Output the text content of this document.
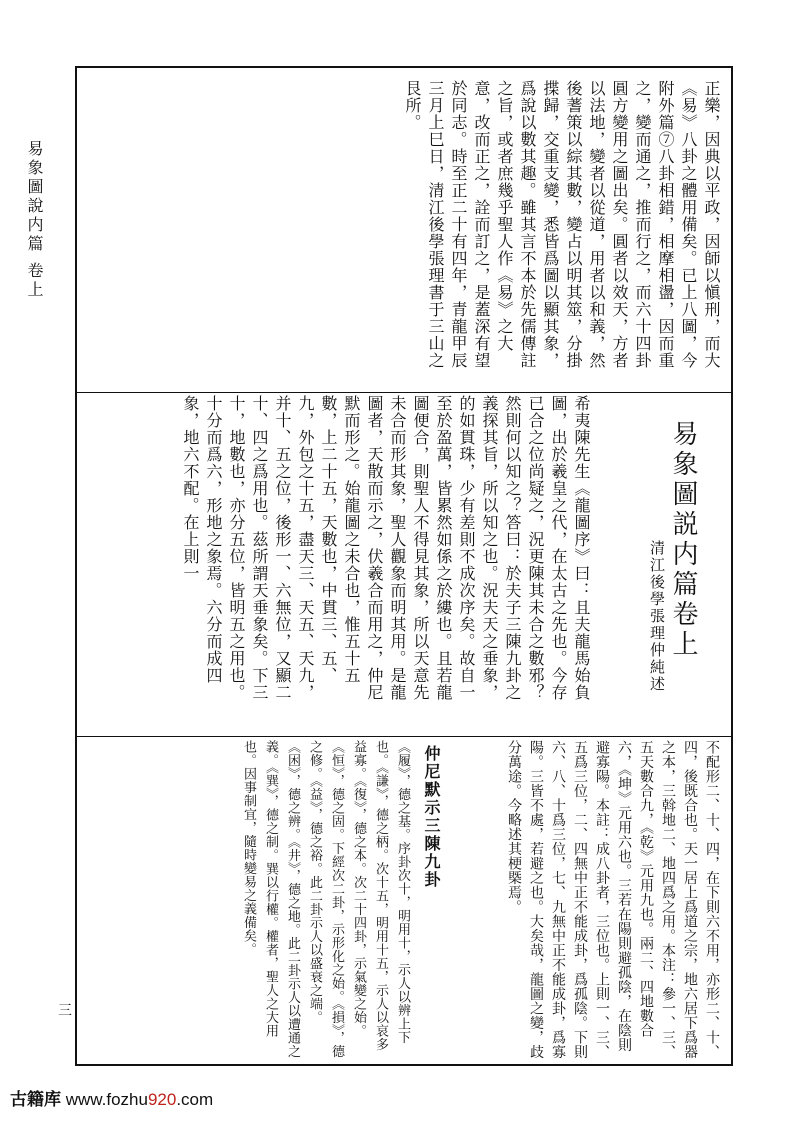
易象圖說内篇 卷上
三

正樂，因典以平政，因師以愼刑，而大《易》八卦之體用備矣。已上八圖，今附外篇⑦八卦相錯，相摩相盪，因而重之，變而通之，推而行之，而六十四卦圓方變用之圖出矣。圓者以效天，方者以法地，變者以從道，用者以和義，然後蓍策以綜其數，變占以明其筮，分掛揲歸，交重支變，悉皆爲圖以顯其象，爲說以數其趣。雖其言不本於先儒傳註之旨，或者庶幾乎聖人作《易》之大意，改而正之，詮而訂之，是蓋深有望於同志。時至正二十有四年，青龍甲辰三月上巳日，清江後學張理書于三山之艮所。

易象圖説内篇卷上
清江後學張理仲純述

希夷陳先生《龍圖序》曰：且夫龍馬始負圖，出於羲皇之代，在太古之先也。今存已合之位尚疑之，況更陳其未合之數邪？然則何以知之？答曰：於夫子三陳九卦之義探其旨，所以知之也。況夫天之垂象，的如貫珠，少有差則不成次序矣。故自一至於盈萬，皆累然如係之於縷也。且若龍圖便合，則聖人不得見其象，所以天意先未合而形其象，聖人觀象而明其用。是龍圖者，天散而示之，伏羲合而用之，仲尼默而形之。始龍圖之未合也，惟五十五數，上二十五，天數也，中貫三、五、九，外包之十五，盡天三、天五、天九，并十、五之位，後形一、六無位，又顯二十、四之爲用也。茲所謂天垂象矣。下三十，地數也，亦分五位，皆明五之用也。十分而爲六，形地之象焉。六分而成四象，地六不配。在上則一

不配形二、十、四，在下則六不用，亦形二、十、四，後既合也。天一居上爲道之宗，地六居下爲器之本，三斡地二、地四爲之用。本注：參一、三、五天數合九，《乾》元用九也。兩二、四地數合六，《坤》元用六也。三若在陽則避孤陰，在陰則避寡陽。本註：成八卦者，三位也。上則一、三、五爲三位，二、四無中正不能成卦，爲孤陰。下則六、八、十爲三位，七、九無中正不能成卦，爲寡陽。三皆不處，若避之也。大矣哉，龍圖之變，歧分萬途。今略述其梗槩焉。

仲尼默示三陳九卦

《履》，德之基。序卦次十，明用十，示人以辨上下也。《謙》，德之柄。次十五，明用十五，示人以哀多益寡。《復》，德之本。次二十四卦，示氣變之始。《恒》，德之固。下經次二卦，示形化之始。《損》，德之修。《益》，德之裕。此二卦示人以盛衰之端。《困》，德之辨。《井》，德之地。此二卦示人以遭通之義。《巽》，德之制。巽以行權。權者，聖人之大用也。因事制宜，隨時變易之義備矣。

古籍库 www.fozhu920.com
